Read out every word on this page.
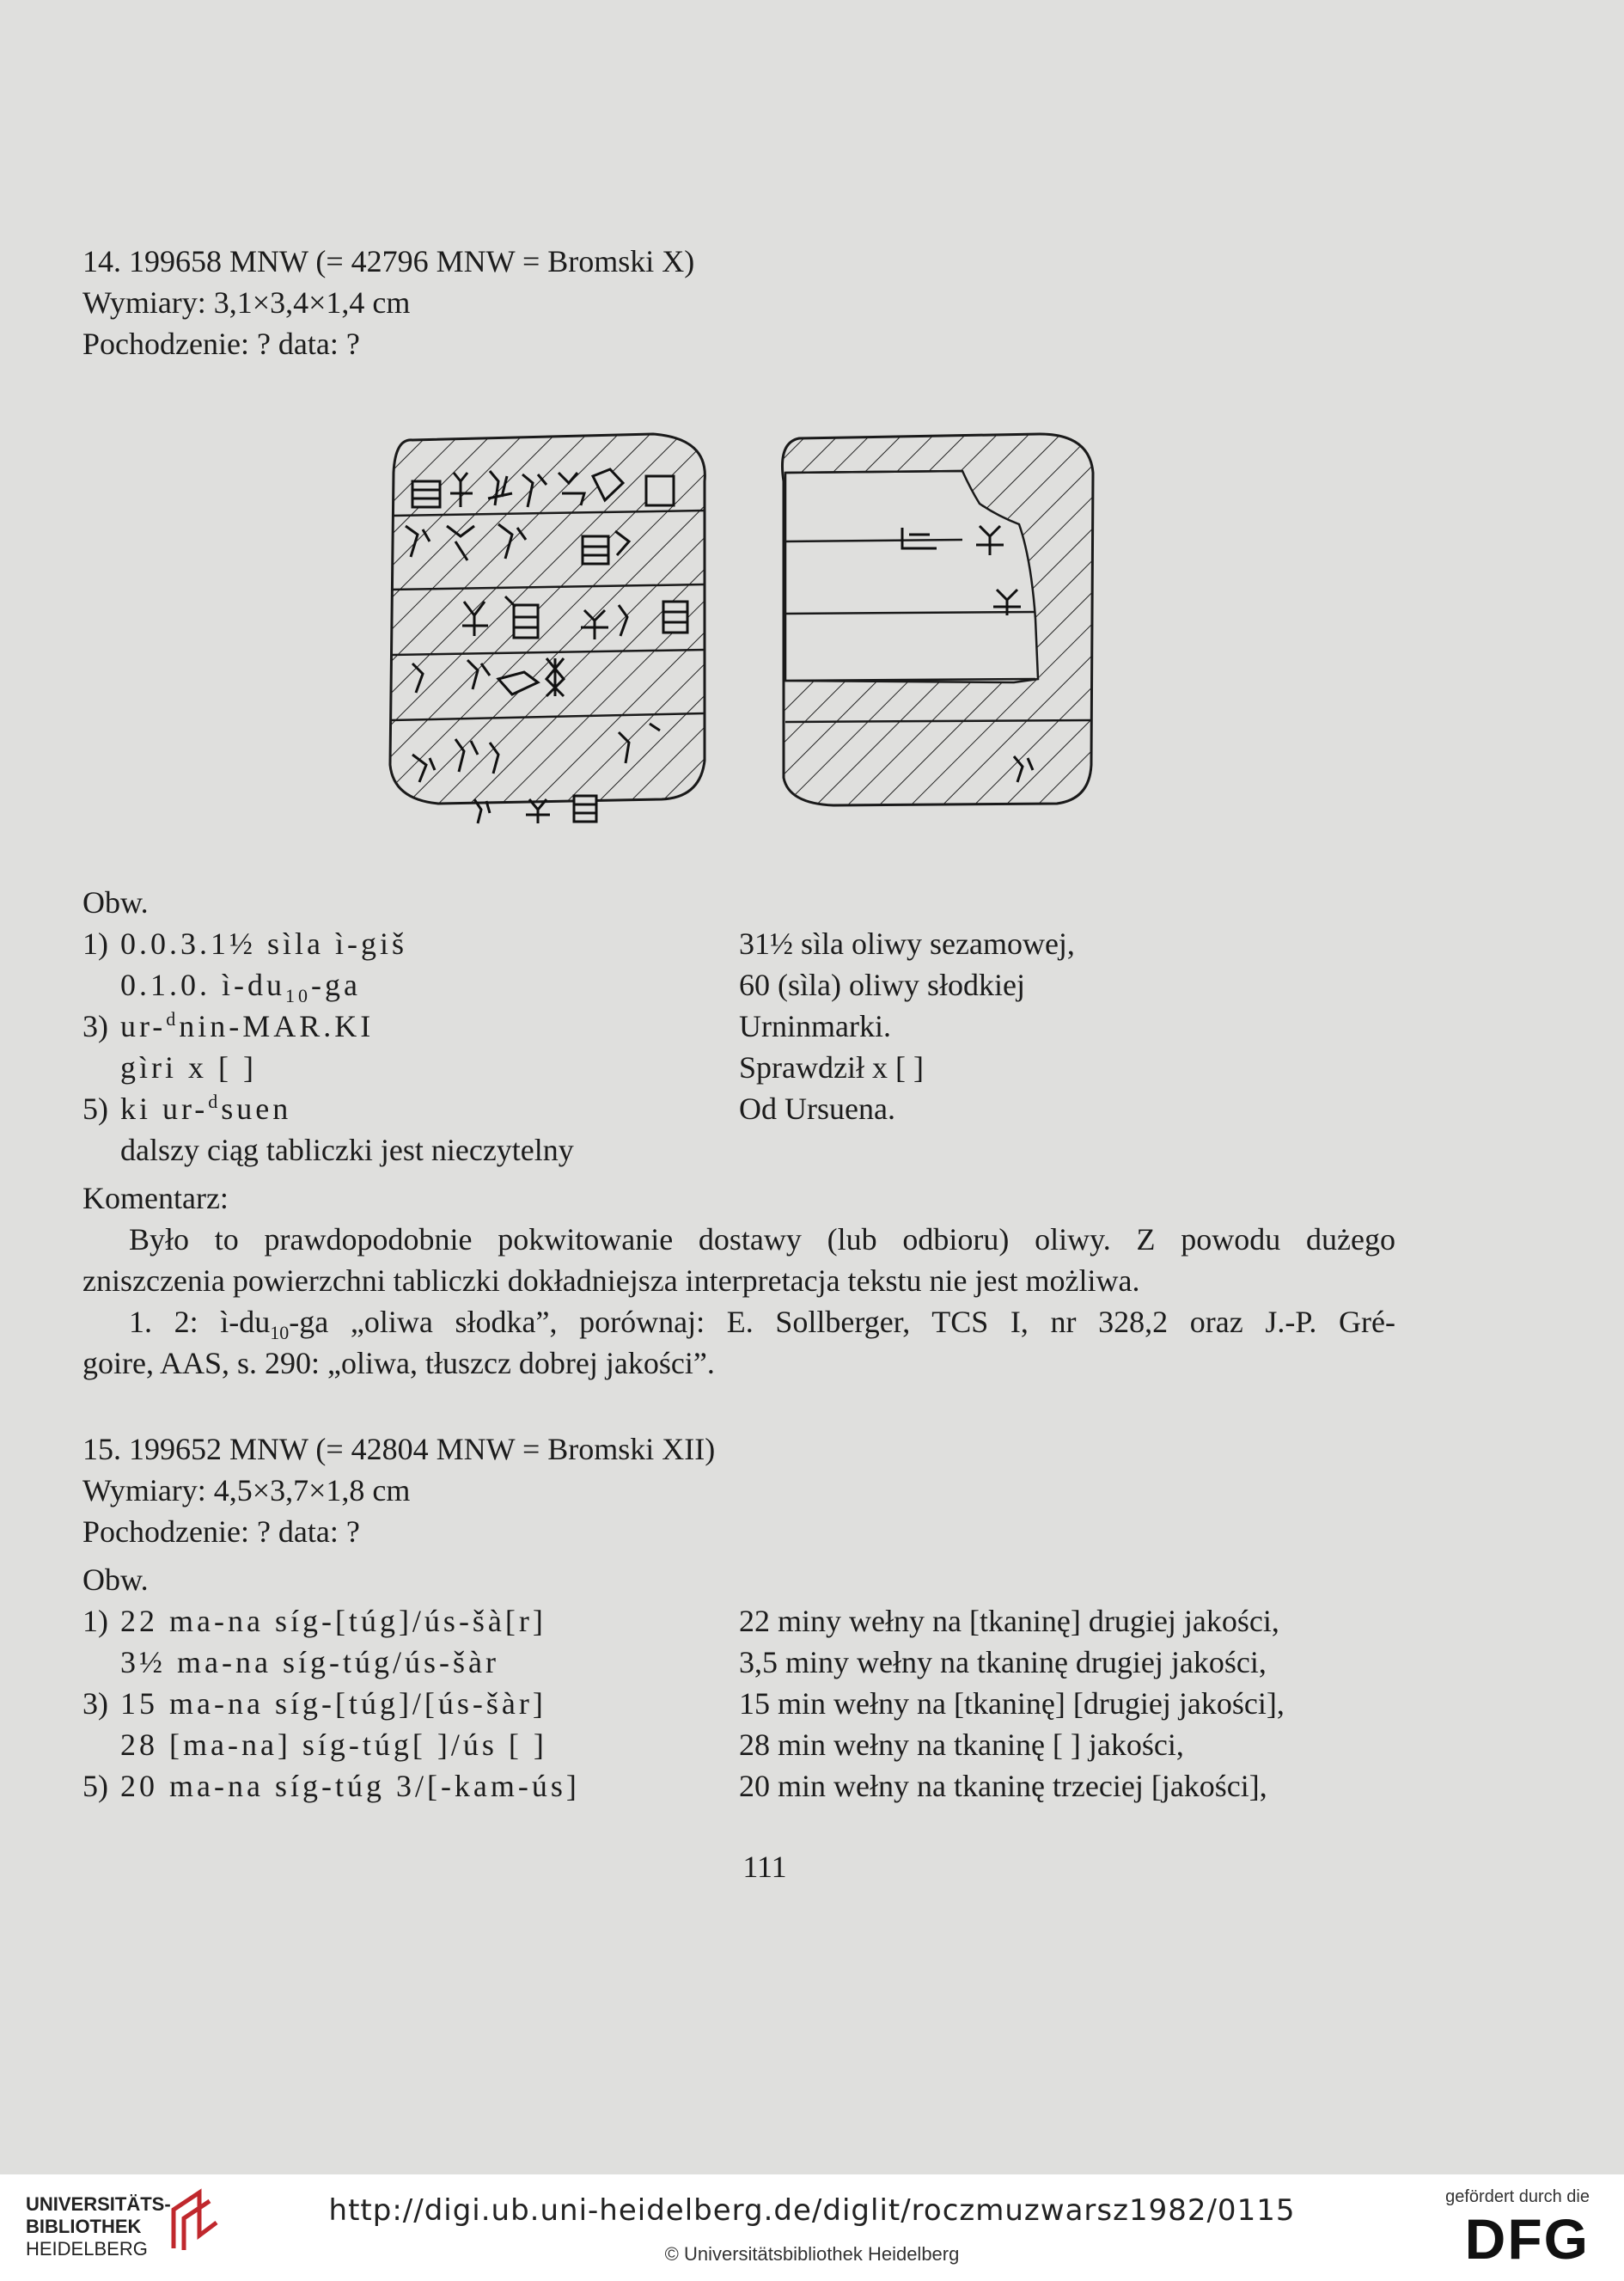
14. 199658 MNW (= 42796 MNW = Bromski X)
Wymiary: 3,1×3,4×1,4 cm
Pochodzenie: ? data: ?
Obw.
1) 0.0.3.1½ sìla ì-giš	31½ sìla oliwy sezamowej,
0.1.0. $ì-du_{10}-ga$	60 (sìla) oliwy słodkiej
3) ur-$^d$nin-MAR.KI	Urninmarki.
gìri x [ ]	Sprawdził x [ ]
5) ki ur-$^d$suen	Od Ursuena.
dalszy ciąg tabliczki jest nieczytelny
Komentarz:
Było to prawdopodobnie pokwitowanie dostawy (lub odbioru) oliwy. Z powodu dużego
zniszczenia powierzchni tabliczki dokładniejsza interpretacja tekstu nie jest możliwa.
1. 2: $ì-du_{10}-ga$ „oliwa słodka”, porównaj: E. Sollberger, TCS I, nr 328,2 oraz J.-P. Gré-
goire, AAS, s. 290: „oliwa, tłuszcz dobrej jakości”.
15. 199652 MNW (= 42804 MNW = Bromski XII)
Wymiary: 4,5×3,7×1,8 cm
Pochodzenie: ? data: ?
Obw.
1) 22 ma-na síg-[túg]/ús-šà[r]	22 miny wełny na [tkaninę] drugiej jakości,
3½ ma-na síg-túg/ús-šàr	3,5 miny wełny na tkaninę drugiej jakości,
3) 15 ma-na síg-[túg]/[ús-šàr]	15 min wełny na [tkaninę] [drugiej jakości],
28 [ma-na] síg-túg[ ]/ús [ ]	28 min wełny na tkaninę [ ] jakości,
5) 20 ma-na síg-túg 3/[-kam-ús]	20 min wełny na tkaninę trzeciej [jakości],
111
UNIVERSITÄTS-
BIBLIOTHEK
HEIDELBERG
http://digi.ub.uni-heidelberg.de/diglit/roczmuzwarsz1982/0115
© Universitätsbibliothek Heidelberg
gefördert durch die
DFG
